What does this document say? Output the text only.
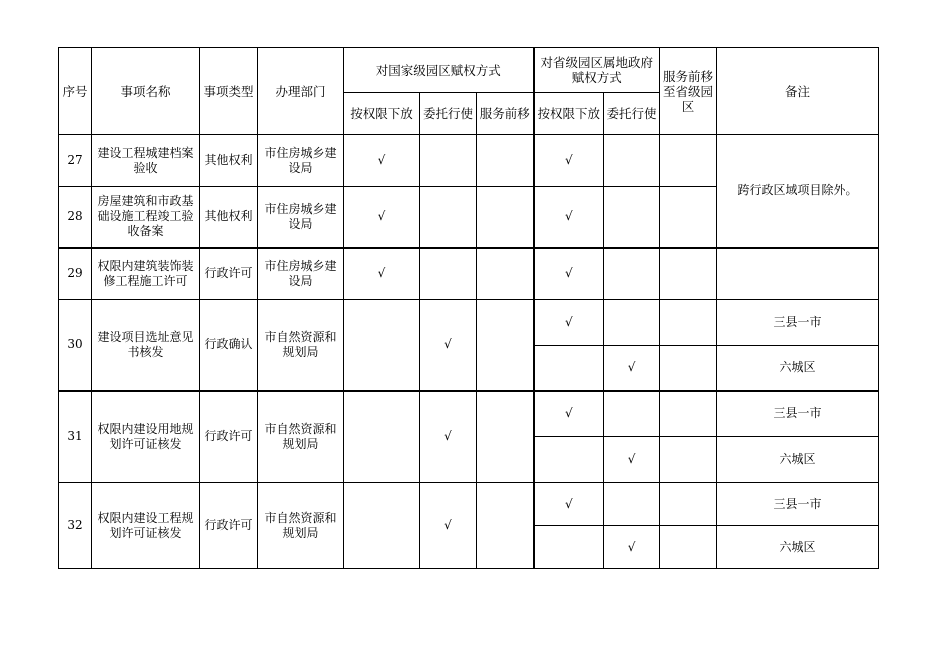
序号	事项名称	事项类型	办理部门	对国家级园区赋权方式			对省级园区属地政府赋权方式		服务前移至省级园区	备注
				按权限下放	委托行使	服务前移	按权限下放	委托行使		
27	建设工程城建档案验收	其他权利	市住房城乡建设局	√			√			跨行政区域项目除外。
28	房屋建筑和市政基础设施工程竣工验收备案	其他权利	市住房城乡建设局	√			√			
29	权限内建筑装饰装修工程施工许可	行政许可	市住房城乡建设局	√			√			
30	建设项目选址意见书核发	行政确认	市自然资源和规划局		√		√			三县一市
								√		六城区
31	权限内建设用地规划许可证核发	行政许可	市自然资源和规划局		√		√			三县一市
								√		六城区
32	权限内建设工程规划许可证核发	行政许可	市自然资源和规划局		√		√			三县一市
								√		六城区
